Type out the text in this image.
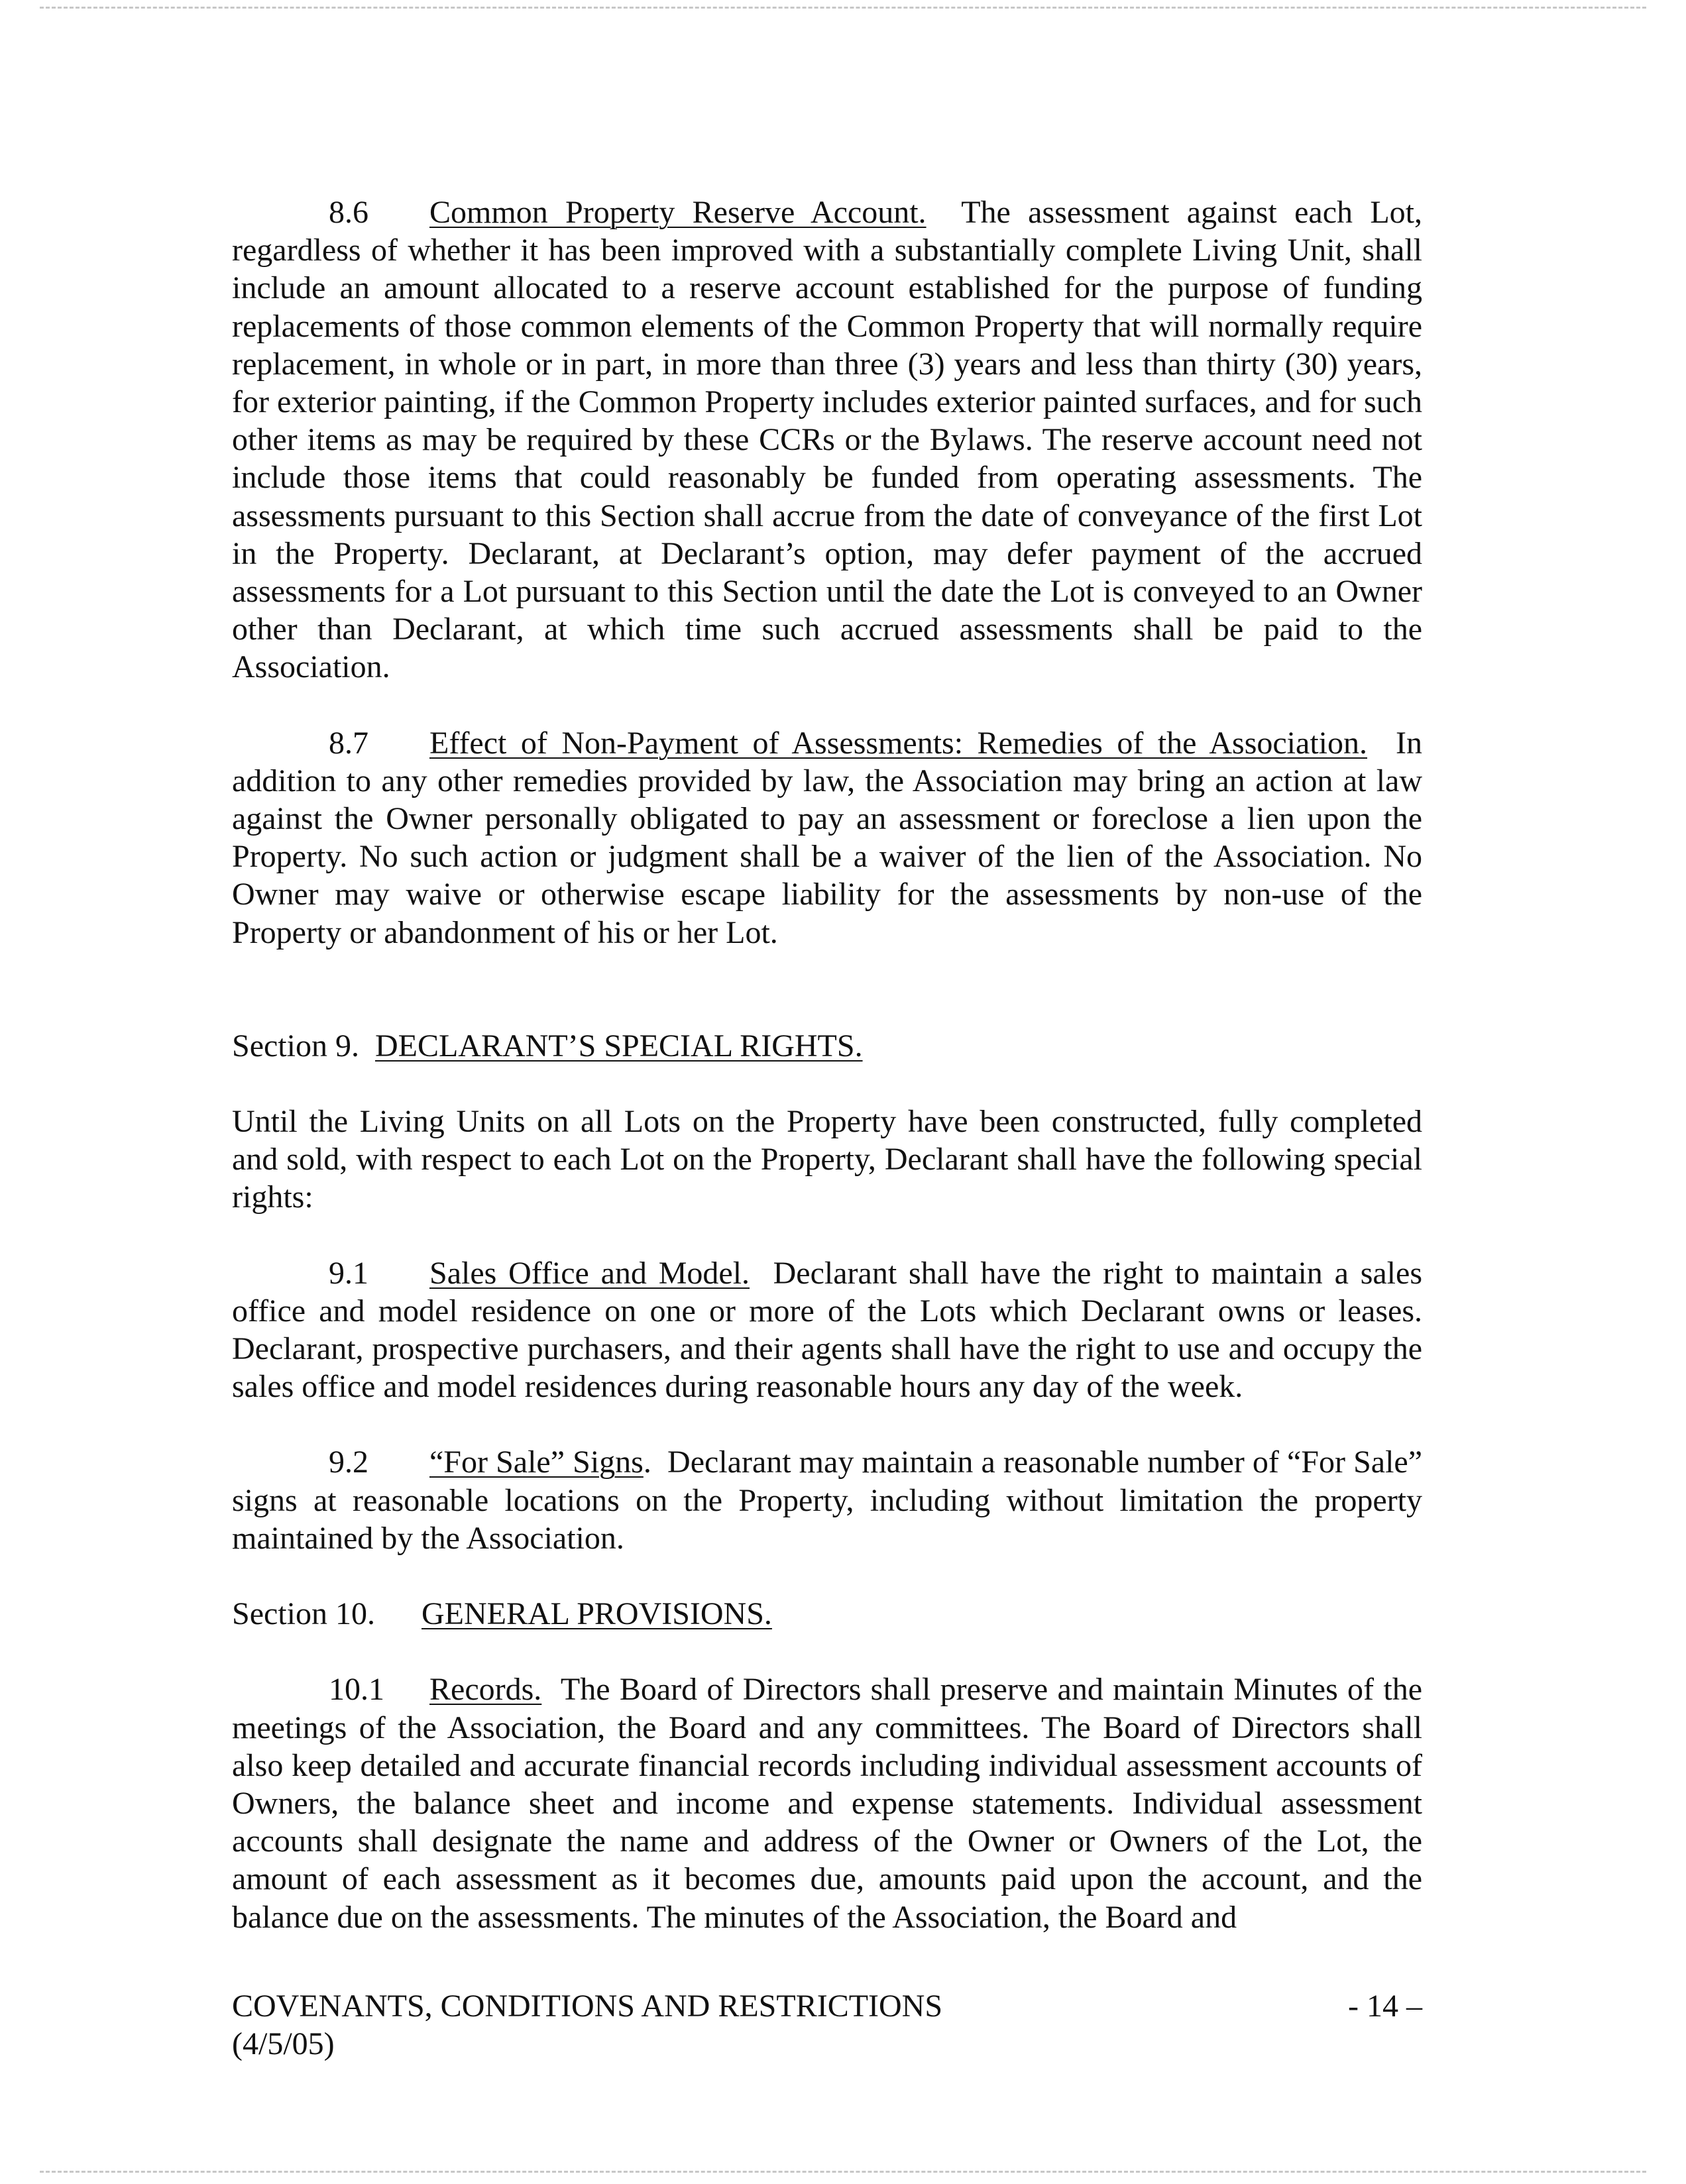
8.6 Common Property Reserve Account. The assessment against each Lot, regardless of whether it has been improved with a substantially complete Living Unit, shall include an amount allocated to a reserve account established for the purpose of funding replacements of those common elements of the Common Property that will normally require replacement, in whole or in part, in more than three (3) years and less than thirty (30) years, for exterior painting, if the Common Property includes exterior painted surfaces, and for such other items as may be required by these CCRs or the Bylaws. The reserve account need not include those items that could reasonably be funded from operating assessments. The assessments pursuant to this Section shall accrue from the date of conveyance of the first Lot in the Property. Declarant, at Declarant’s option, may defer payment of the accrued assessments for a Lot pursuant to this Section until the date the Lot is conveyed to an Owner other than Declarant, at which time such accrued assessments shall be paid to the Association.

8.7 Effect of Non-Payment of Assessments: Remedies of the Association. In addition to any other remedies provided by law, the Association may bring an action at law against the Owner personally obligated to pay an assessment or foreclose a lien upon the Property. No such action or judgment shall be a waiver of the lien of the Association. No Owner may waive or otherwise escape liability for the assessments by non-use of the Property or abandonment of his or her Lot.

Section 9. DECLARANT’S SPECIAL RIGHTS.

Until the Living Units on all Lots on the Property have been constructed, fully completed and sold, with respect to each Lot on the Property, Declarant shall have the following special rights:

9.1 Sales Office and Model. Declarant shall have the right to maintain a sales office and model residence on one or more of the Lots which Declarant owns or leases. Declarant, prospective purchasers, and their agents shall have the right to use and occupy the sales office and model residences during reasonable hours any day of the week.

9.2 “For Sale” Signs. Declarant may maintain a reasonable number of “For Sale” signs at reasonable locations on the Property, including without limitation the property maintained by the Association.

Section 10. GENERAL PROVISIONS.

10.1 Records. The Board of Directors shall preserve and maintain Minutes of the meetings of the Association, the Board and any committees. The Board of Directors shall also keep detailed and accurate financial records including individual assessment accounts of Owners, the balance sheet and income and expense statements. Individual assessment accounts shall designate the name and address of the Owner or Owners of the Lot, the amount of each assessment as it becomes due, amounts paid upon the account, and the balance due on the assessments. The minutes of the Association, the Board and

COVENANTS, CONDITIONS AND RESTRICTIONS	- 14 –
(4/5/05)
